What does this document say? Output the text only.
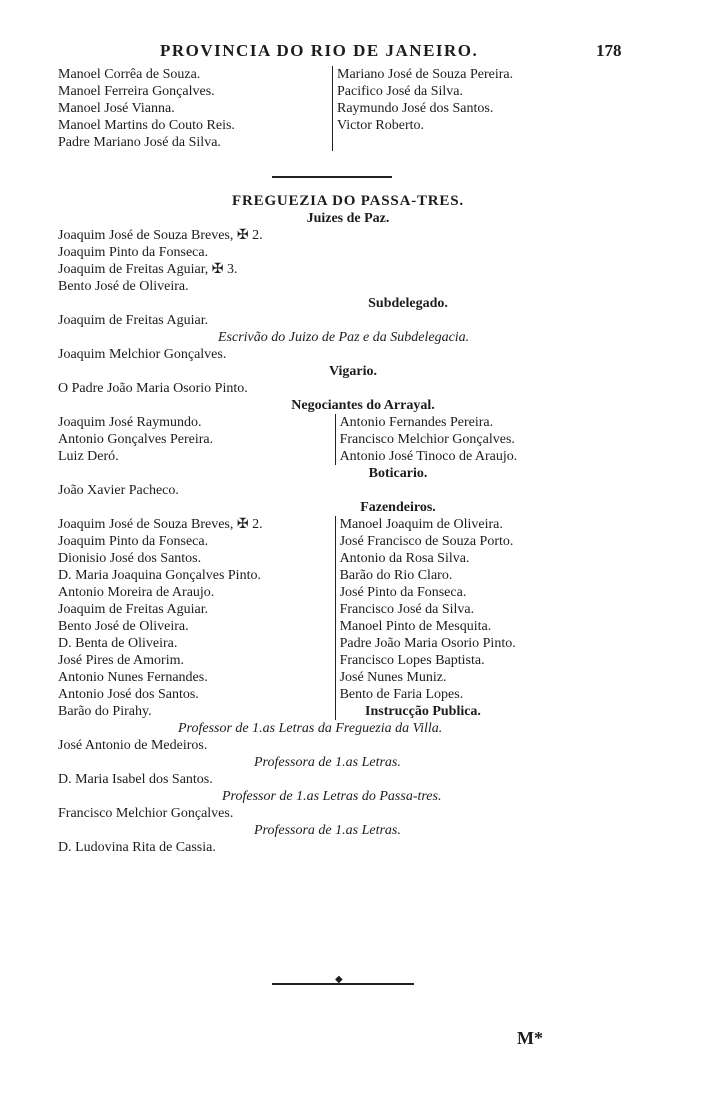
PROVINCIA DO RIO DE JANEIRO.	178
Manoel Corrêa de Souza.
Manoel Ferreira Gonçalves.
Manoel José Vianna.
Manoel Martins do Couto Reis.
Padre Mariano José da Silva.
Mariano José de Souza Pereira.
Pacifico José da Silva.
Raymundo José dos Santos.
Victor Roberto.
FREGUEZIA DO PASSA-TRES.
Juizes de Paz.
Joaquim José de Souza Breves, ✠ 2.
Joaquim Pinto da Fonseca.
Joaquim de Freitas Aguiar, ✠ 3.
Bento José de Oliveira.
Subdelegado.
Joaquim de Freitas Aguiar.
Escrivão do Juizo de Paz e da Subdelegacia.
Joaquim Melchior Gonçalves.
Vigario.
O Padre João Maria Osorio Pinto.
Negociantes do Arrayal.
Joaquim José Raymundo.
Antonio Gonçalves Pereira.
Luiz Deró.
Antonio Fernandes Pereira.
Francisco Melchior Gonçalves.
Antonio José Tinoco de Araujo.
Boticario.
João Xavier Pacheco.
Fazendeiros.
Joaquim José de Souza Breves, ✠ 2.
Joaquim Pinto da Fonseca.
Dionisio José dos Santos.
D. Maria Joaquina Gonçalves Pinto.
Antonio Moreira de Araujo.
Joaquim de Freitas Aguiar.
Bento José de Oliveira.
D. Benta de Oliveira.
José Pires de Amorim.
Antonio Nunes Fernandes.
Antonio José dos Santos.
Barão do Pirahy.
Manoel Joaquim de Oliveira.
José Francisco de Souza Porto.
Antonio da Rosa Silva.
Barão do Rio Claro.
José Pinto da Fonseca.
Francisco José da Silva.
Manoel Pinto de Mesquita.
Padre João Maria Osorio Pinto.
Francisco Lopes Baptista.
José Nunes Muniz.
Bento de Faria Lopes.
Instrucção Publica.
Professor de 1.as Letras da Freguezia da Villa.
José Antonio de Medeiros.
Professora de 1.as Letras.
D. Maria Isabel dos Santos.
Professor de 1.as Letras do Passa-tres.
Francisco Melchior Gonçalves.
Professora de 1.as Letras.
D. Ludovina Rita de Cassia.
◆
M*
